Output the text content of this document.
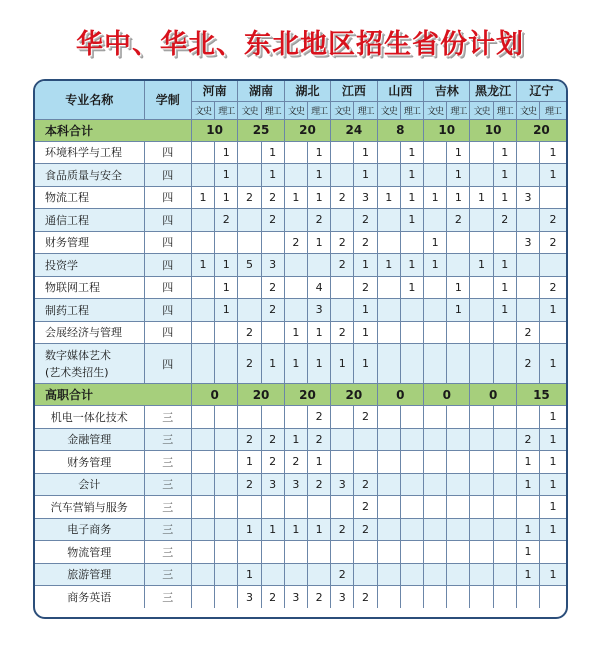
华中、华北、东北地区招生省份计划
专业名称	学制	河南		湖南		湖北		江西		山西		吉林		黑龙江		辽宁	
		文史	理工	文史	理工	文史	理工	文史	理工	文史	理工	文史	理工	文史	理工	文史	理工
本科合计		10		25		20		24		8		10		10		20	
环境科学与工程	四		1		1		1		1		1		1		1		1
食品质量与安全	四		1		1		1		1		1		1		1		1
物流工程	四	1	1	2	2	1	1	2	3	1	1	1	1	1	1	3	
通信工程	四		2		2		2		2		1		2		2		2
财务管理	四					2	1	2	2			1				3	2
投资学	四	1	1	5	3			2	1	1	1	1		1	1		
物联网工程	四		1		2		4		2		1		1		1		2
制药工程	四		1		2		3		1				1		1		1
会展经济与管理	四			2		1	1	2	1							2	
数字媒体艺术
(艺术类招生)	四			2	1	1	1	1	1							2	1
高职合计		0		20		20		20		0		0		0		15	
机电一体化技术	三						2		2								1
金融管理	三			2	2	1	2									2	1
财务管理	三			1	2	2	1									1	1
会计	三			2	3	3	2	3	2							1	1
汽车营销与服务	三								2								1
电子商务	三			1	1	1	1	2	2							1	1
物流管理	三															1	
旅游管理	三			1				2								1	1
商务英语	三			3	2	3	2	3	2								
